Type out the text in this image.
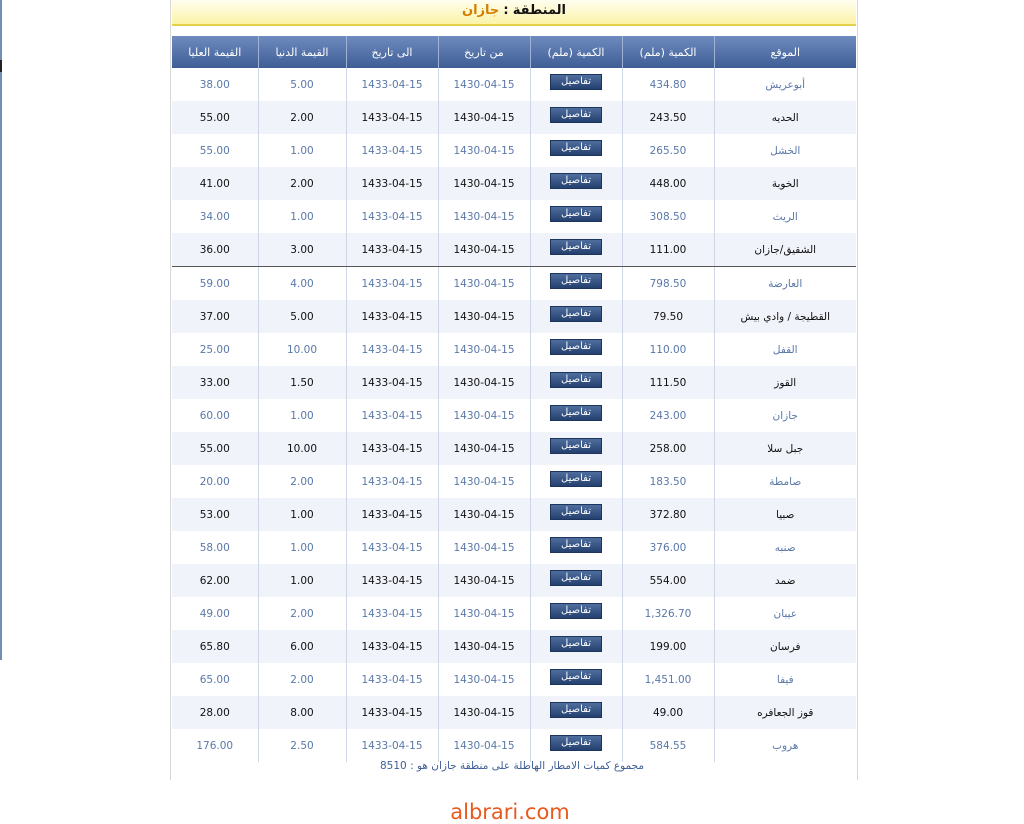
المنطقة : جازان
الموقع	الكمية (ملم)	الكمية (ملم)	من تاريخ	الى تاريخ	القيمة الدنيا	القيمة العليا
أبوعريش	434.80	تفاصيل	1430-04-15	1433-04-15	5.00	38.00
الحديه	243.50	تفاصيل	1430-04-15	1433-04-15	2.00	55.00
الخشل	265.50	تفاصيل	1430-04-15	1433-04-15	1.00	55.00
الخوبة	448.00	تفاصيل	1430-04-15	1433-04-15	2.00	41.00
الريث	308.50	تفاصيل	1430-04-15	1433-04-15	1.00	34.00
الشقيق/جازان	111.00	تفاصيل	1430-04-15	1433-04-15	3.00	36.00
العارضة	798.50	تفاصيل	1430-04-15	1433-04-15	4.00	59.00
القطيجة / وادي بيش	79.50	تفاصيل	1430-04-15	1433-04-15	5.00	37.00
القفل	110.00	تفاصيل	1430-04-15	1433-04-15	10.00	25.00
القوز	111.50	تفاصيل	1430-04-15	1433-04-15	1.50	33.00
جازان	243.00	تفاصيل	1430-04-15	1433-04-15	1.00	60.00
جبل سلا	258.00	تفاصيل	1430-04-15	1433-04-15	10.00	55.00
صامطة	183.50	تفاصيل	1430-04-15	1433-04-15	2.00	20.00
صبيا	372.80	تفاصيل	1430-04-15	1433-04-15	1.00	53.00
صنبه	376.00	تفاصيل	1430-04-15	1433-04-15	1.00	58.00
ضمد	554.00	تفاصيل	1430-04-15	1433-04-15	1.00	62.00
عيبان	1,326.70	تفاصيل	1430-04-15	1433-04-15	2.00	49.00
فرسان	199.00	تفاصيل	1430-04-15	1433-04-15	6.00	65.80
فيفا	1,451.00	تفاصيل	1430-04-15	1433-04-15	2.00	65.00
قوز الجعافره	49.00	تفاصيل	1430-04-15	1433-04-15	8.00	28.00
هروب	584.55	تفاصيل	1430-04-15	1433-04-15	2.50	176.00
مجموع كميات الامطار الهاطلة على منطقة جازان هو : 8510
albrari.com
